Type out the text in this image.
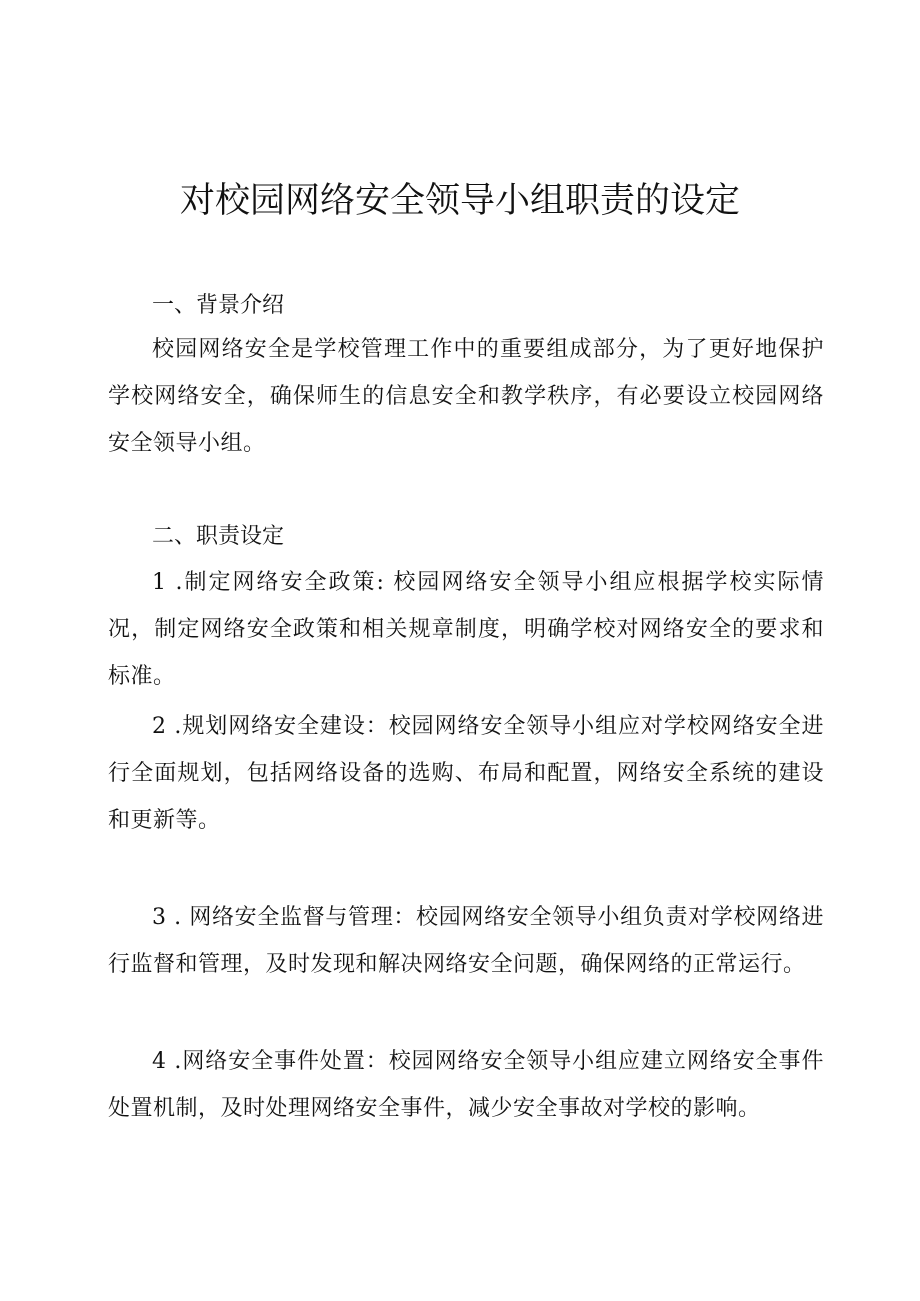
对校园网络安全领导小组职责的设定
一、背景介绍

校园网络安全是学校管理工作中的重要组成部分，为了更好地保护学校网络安全，确保师生的信息安全和教学秩序，有必要设立校园网络安全领导小组。

二、职责设定

1 .制定网络安全政策: 校园网络安全领导小组应根据学校实际情况，制定网络安全政策和相关规章制度，明确学校对网络安全的要求和标准。

2 .规划网络安全建设：校园网络安全领导小组应对学校网络安全进行全面规划，包括网络设备的选购、布局和配置，网络安全系统的建设和更新等。

3 . 网络安全监督与管理：校园网络安全领导小组负责对学校网络进行监督和管理，及时发现和解决网络安全问题，确保网络的正常运行。

4 .网络安全事件处置：校园网络安全领导小组应建立网络安全事件处置机制，及时处理网络安全事件，减少安全事故对学校的影响。
